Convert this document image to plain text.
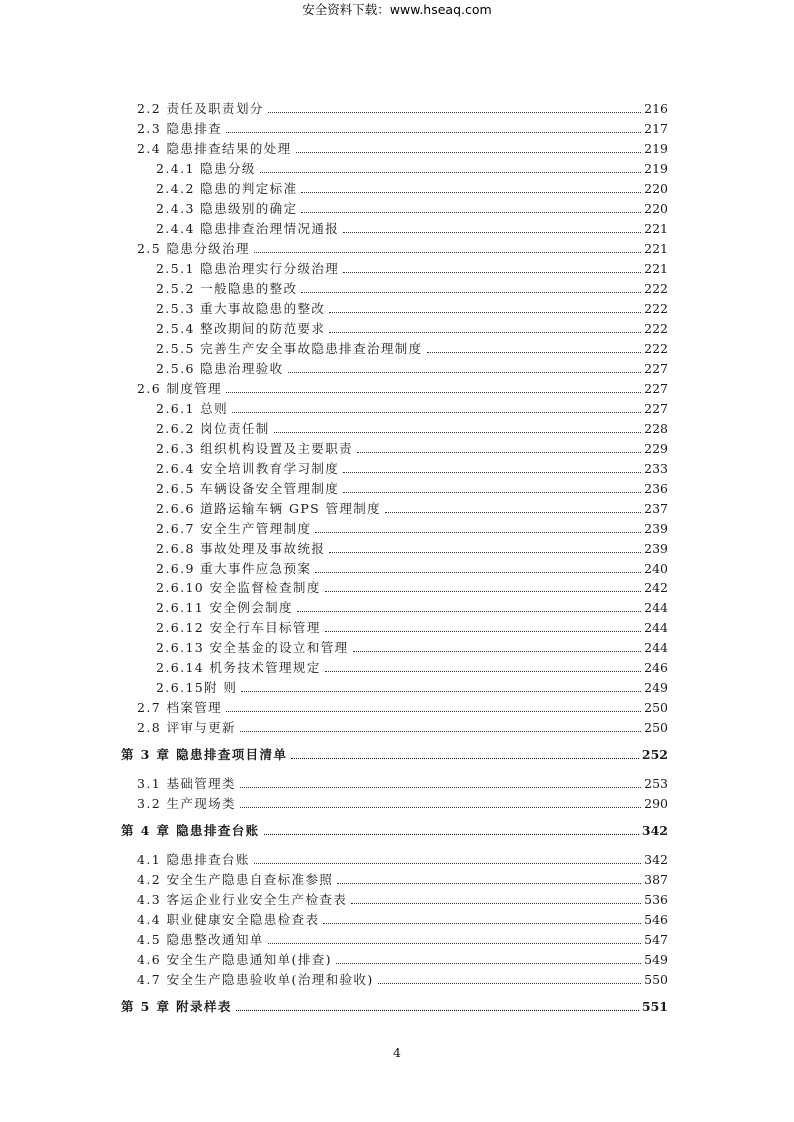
安全资料下载：www.hseaq.com
2.2 责任及职责划分	216
2.3 隐患排查	217
2.4 隐患排查结果的处理	219
2.4.1 隐患分级	219
2.4.2 隐患的判定标准	220
2.4.3 隐患级别的确定	220
2.4.4 隐患排查治理情况通报	221
2.5 隐患分级治理	221
2.5.1 隐患治理实行分级治理	221
2.5.2 一般隐患的整改	222
2.5.3 重大事故隐患的整改	222
2.5.4 整改期间的防范要求	222
2.5.5 完善生产安全事故隐患排查治理制度	222
2.5.6 隐患治理验收	227
2.6 制度管理	227
2.6.1 总则	227
2.6.2 岗位责任制	228
2.6.3 组织机构设置及主要职责	229
2.6.4 安全培训教育学习制度	233
2.6.5 车辆设备安全管理制度	236
2.6.6 道路运输车辆 GPS 管理制度	237
2.6.7 安全生产管理制度	239
2.6.8 事故处理及事故统报	239
2.6.9 重大事件应急预案	240
2.6.10 安全监督检查制度	242
2.6.11 安全例会制度	244
2.6.12 安全行车目标管理	244
2.6.13 安全基金的设立和管理	244
2.6.14 机务技术管理规定	246
2.6.15附 则	249
2.7 档案管理	250
2.8 评审与更新	250
第 3 章 隐患排查项目清单	252
3.1 基础管理类	253
3.2 生产现场类	290
第 4 章 隐患排查台账	342
4.1 隐患排查台账	342
4.2 安全生产隐患自查标准参照	387
4.3 客运企业行业安全生产检查表	536
4.4 职业健康安全隐患检查表	546
4.5 隐患整改通知单	547
4.6 安全生产隐患通知单(排查)	549
4.7 安全生产隐患验收单(治理和验收)	550
第 5 章 附录样表	551
4
